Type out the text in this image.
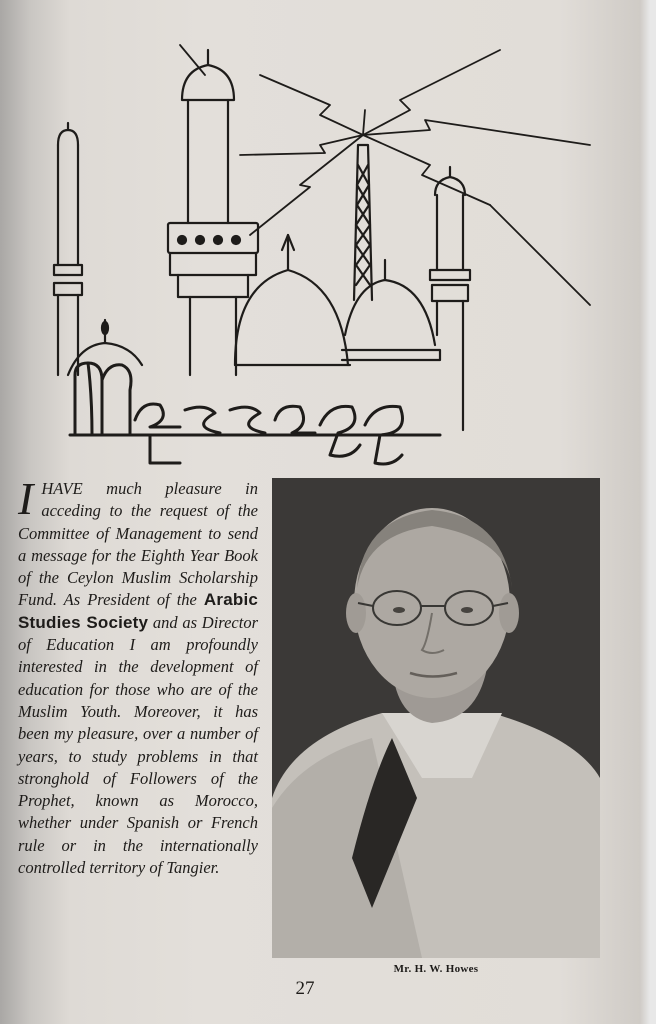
IHAVE much pleasure in acceding to the request of the Committee of Management to send a message for the Eighth Year Book of the Ceylon Muslim Scholarship Fund. As President of the Arabic Studies Society and as Director of Education I am profoundly interested in the development of education for those who are of the Muslim Youth. Moreover, it has been my pleasure, over a number of years, to study problems in that stronghold of Followers of the Prophet, known as Morocco, whether under Spanish or French rule or in the internationally controlled territory of Tangier.
Mr. H. W. Howes
27
